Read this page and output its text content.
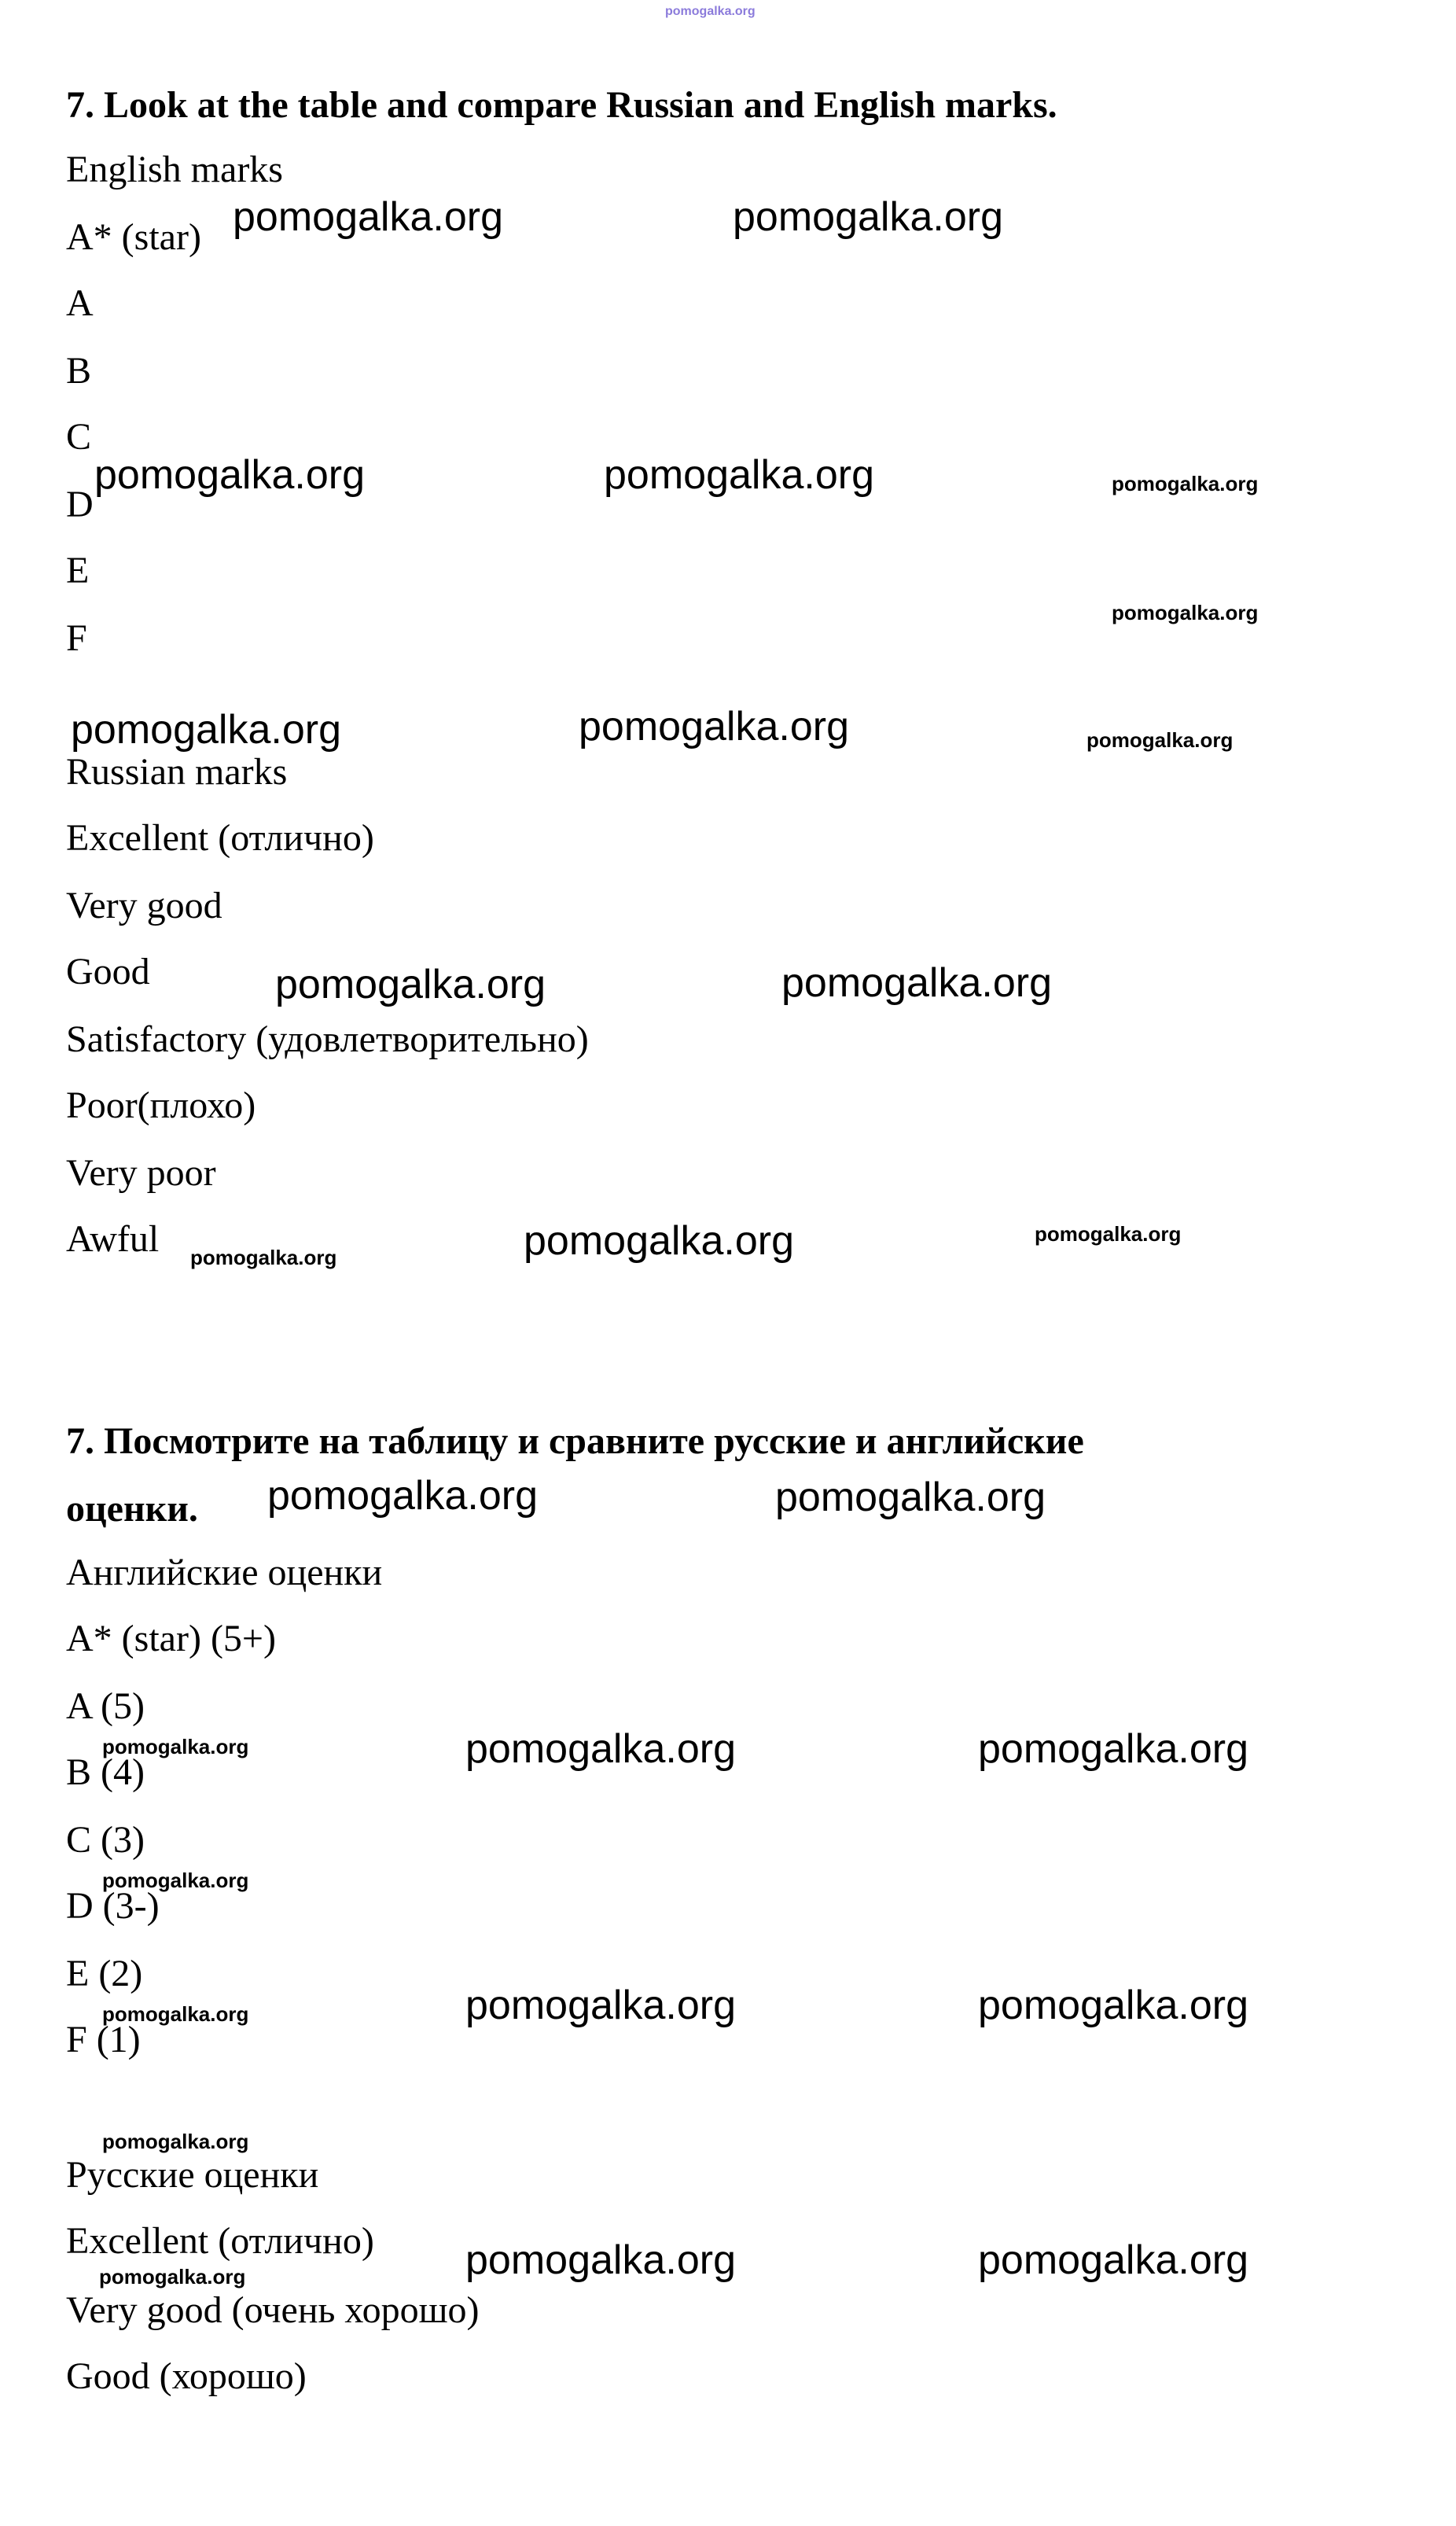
pomogalka.org
pomogalka.org	pomogalka.org
pomogalka.org	pomogalka.org
pomogalka.org	pomogalka.org
pomogalka.org	pomogalka.org
pomogalka.org
pomogalka.org	pomogalka.org
pomogalka.org	pomogalka.org
pomogalka.org	pomogalka.org
pomogalka.org	pomogalka.org
pomogalka.org
pomogalka.org
pomogalka.org
pomogalka.org
pomogalka.org
pomogalka.org
pomogalka.org
pomogalka.org
pomogalka.org
pomogalka.org
7. Look at the table and compare Russian and English marks.
English marks
A* (star)
A
B
C
D
E
F
Russian marks
Excellent (отлично)
Very good
Good
Satisfactory (удовлетворительно)
Poor(плохо)
Very poor
Awful
7. Посмотрите на таблицу и сравните русские и английские оценки.
Английские оценки
A* (star) (5+)
A (5)
B (4)
C (3)
D (3-)
E (2)
F (1)
Русские оценки
Excellent (отлично)
Very good (очень хорошо)
Good (хорошо)
